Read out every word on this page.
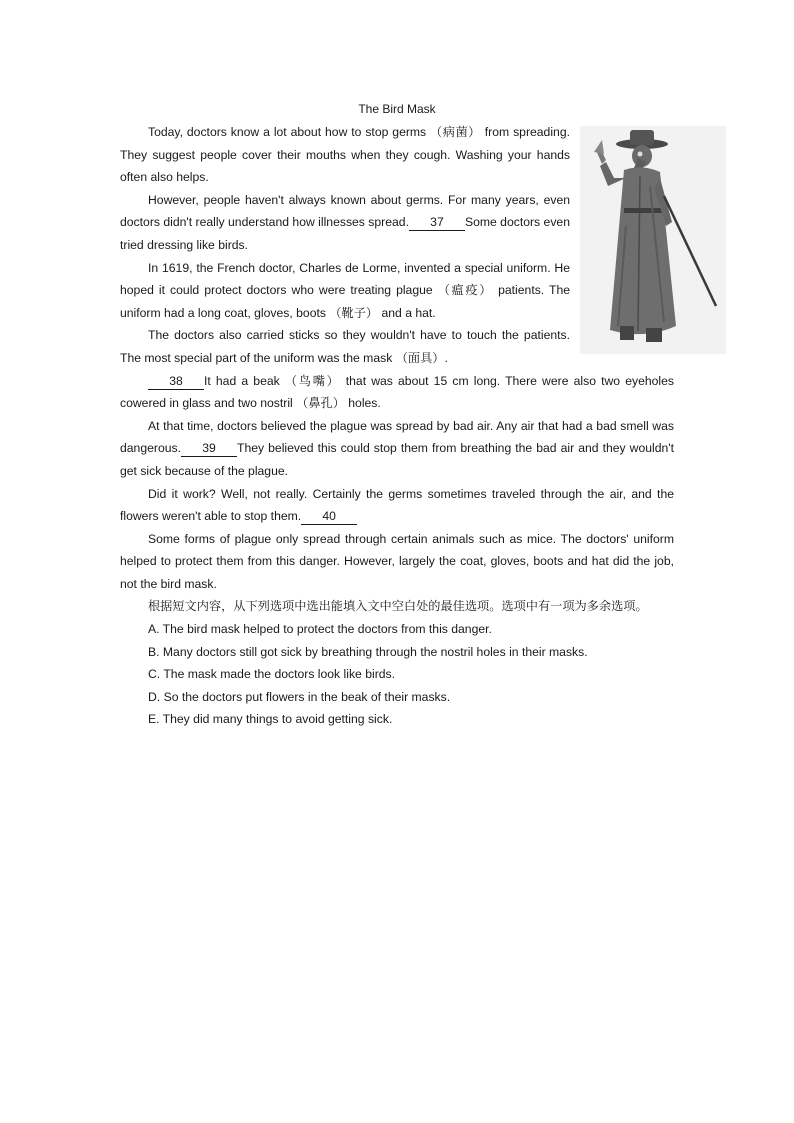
The Bird Mask

Today, doctors know a lot about how to stop germs （病菌） from spreading. They suggest people cover their mouths when they cough. Washing your hands often also helps.

However, people haven't always known about germs. For many years, even doctors didn't really understand how illnesses spread. 37 Some doctors even tried dressing like birds.

In 1619, the French doctor, Charles de Lorme, invented a special uniform. He hoped it could protect doctors who were treating plague （瘟疫） patients. The uniform had a long coat, gloves, boots （靴子） and a hat.

The doctors also carried sticks so they wouldn't have to touch the patients. The most special part of the uniform was the mask （面具）.

38 It had a beak （鸟嘴） that was about 15 cm long. There were also two eyeholes cowered in glass and two nostril （鼻孔） holes.

At that time, doctors believed the plague was spread by bad air. Any air that had a bad smell was dangerous. 39 They believed this could stop them from breathing the bad air and they wouldn't get sick because of the plague.

Did it work? Well, not really. Certainly the germs sometimes traveled through the air, and the flowers weren't able to stop them. 40

Some forms of plague only spread through certain animals such as mice. The doctors' uniform helped to protect them from this danger. However, largely the coat, gloves, boots and hat did the job, not the bird mask.

根据短文内容，从下列选项中选出能填入文中空白处的最佳选项。选项中有一项为多余选项。

A. The bird mask helped to protect the doctors from this danger.

B. Many doctors still got sick by breathing through the nostril holes in their masks.

C. The mask made the doctors look like birds.

D. So the doctors put flowers in the beak of their masks.

E. They did many things to avoid getting sick.
